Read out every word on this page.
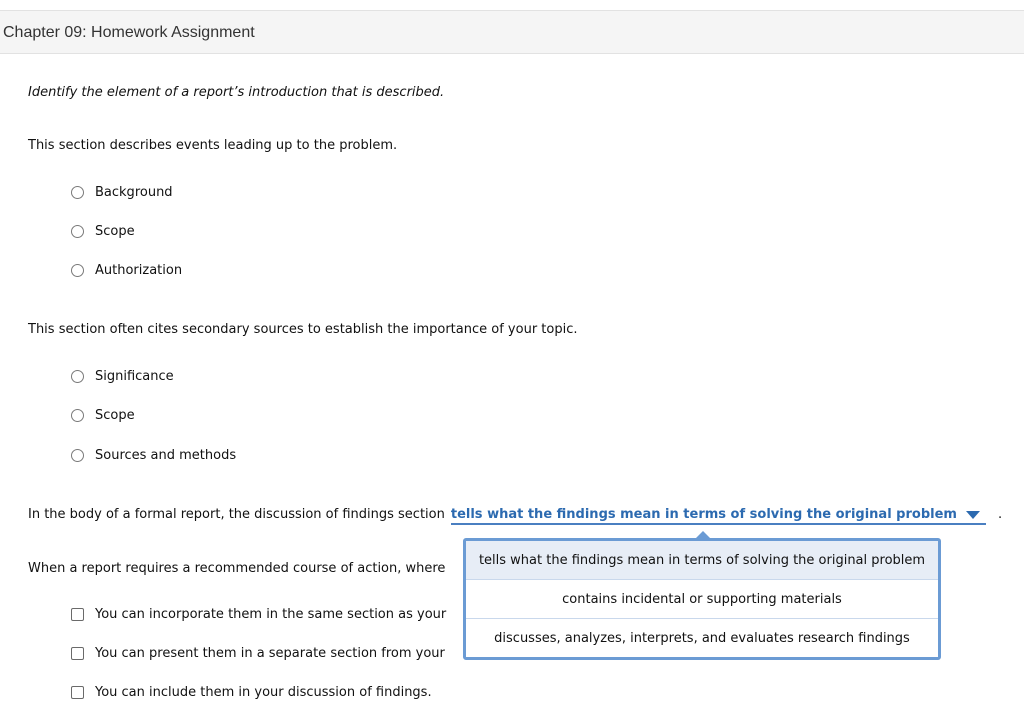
Chapter 09: Homework Assignment
Identify the element of a report’s introduction that is described.
This section describes events leading up to the problem.
Background
Scope
Authorization
This section often cites secondary sources to establish the importance of your topic.
Significance
Scope
Sources and methods
In the body of a formal report, the discussion of findings section tells what the findings mean in terms of solving the original problem	.
When a report requires a recommended course of action, where
You can incorporate them in the same section as your
You can present them in a separate section from your
You can include them in your discussion of findings.
tells what the findings mean in terms of solving the original problem
contains incidental or supporting materials
discusses, analyzes, interprets, and evaluates research findings
